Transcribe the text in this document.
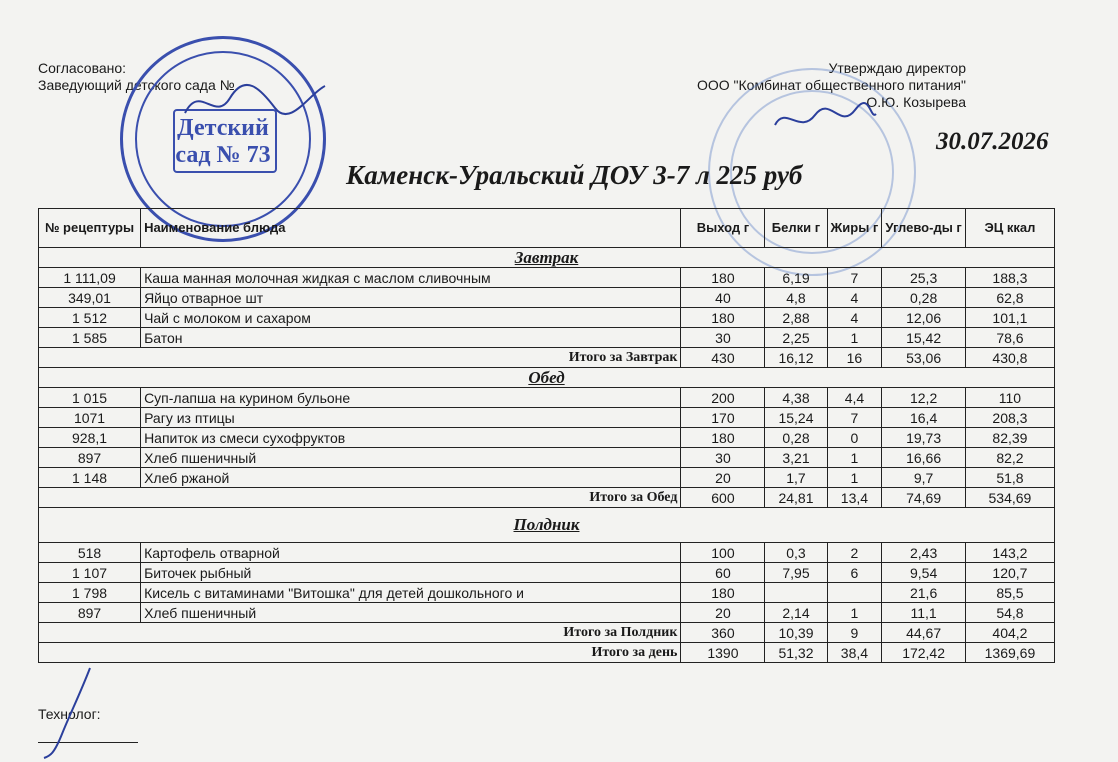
Согласовано:
Заведующий детского сада №
Утверждаю директор
ООО "Комбинат общественного питания"
О.Ю. Козырева
Детский
сад № 73	30.07.2026
Каменск-Уральский ДОУ 3-7 л 225 руб
№ рецептуры	Наименование блюда	Выход г	Белки г	Жиры г	Углево-ды г	ЭЦ ккал
Завтрак						
1 111,09	Каша манная молочная жидкая с маслом сливочным	180	6,19	7	25,3	188,3
349,01	Яйцо отварное шт	40	4,8	4	0,28	62,8
1 512	Чай с молоком и сахаром	180	2,88	4	12,06	101,1
1 585	Батон	30	2,25	1	15,42	78,6
Итого за Завтрак		430	16,12	16	53,06	430,8
Обед						
1 015	Суп-лапша на курином бульоне	200	4,38	4,4	12,2	110
1071	Рагу из птицы	170	15,24	7	16,4	208,3
928,1	Напиток из смеси сухофруктов	180	0,28	0	19,73	82,39
897	Хлеб пшеничный	30	3,21	1	16,66	82,2
1 148	Хлеб ржаной	20	1,7	1	9,7	51,8
Итого за Обед		600	24,81	13,4	74,69	534,69
Полдник						
518	Картофель отварной	100	0,3	2	2,43	143,2
1 107	Биточек рыбный	60	7,95	6	9,54	120,7
1 798	Кисель с витаминами "Витошка" для детей дошкольного и	180			21,6	85,5
897	Хлеб пшеничный	20	2,14	1	11,1	54,8
Итого за Полдник		360	10,39	9	44,67	404,2
Итого за день		1390	51,32	38,4	172,42	1369,69
Технолог:
